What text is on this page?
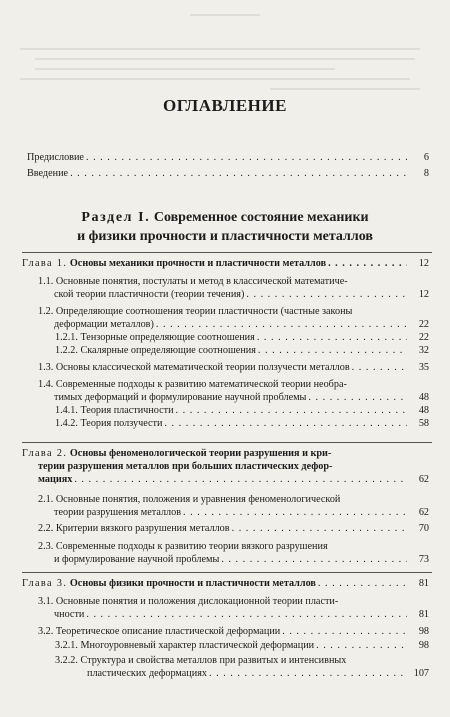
ОГЛАВЛЕНИЕ
Предисловие . . .	6
Введение . . .	8
Раздел I. Современное состояние механики
и физики прочности и пластичности металлов
Глава 1. Основы механики прочности и пластичности металлов . . .	12
1.1. Основные понятия, постулаты и метод в классической математиче-
ской теории пластичности (теории течения) . . .	12
1.2. Определяющие соотношения теории пластичности (частные законы
деформации металлов) . . .	22
1.2.1. Тензорные определяющие соотношения . . .	22
1.2.2. Скалярные определяющие соотношения . . .	32
1.3. Основы классической математической теории ползучести металлов . . .	35
1.4. Современные подходы к развитию математической теории необра-
тимых деформаций и формулирование научной проблемы . . .	48
1.4.1. Теория пластичности . . .	48
1.4.2. Теория ползучести . . .	58
Глава 2. Основы феноменологической теории разрушения и кри-
терии разрушения металлов при больших пластических дефор-
мациях . . .	62
2.1. Основные понятия, положения и уравнения феноменологической
теории разрушения металлов . . .	62
2.2. Критерии вязкого разрушения металлов . . .	70
2.3. Современные подходы к развитию теории вязкого разрушения
и формулирование научной проблемы . . .	73
Глава 3. Основы физики прочности и пластичности металлов . . .	81
3.1. Основные понятия и положения дислокационной теории пласти-
чности . . .	81
3.2. Теоретическое описание пластической деформации . . .	98
3.2.1. Многоуровневый характер пластической деформации . . .	98
3.2.2. Структура и свойства металлов при развитых и интенсивных
пластических деформациях . . .	107
